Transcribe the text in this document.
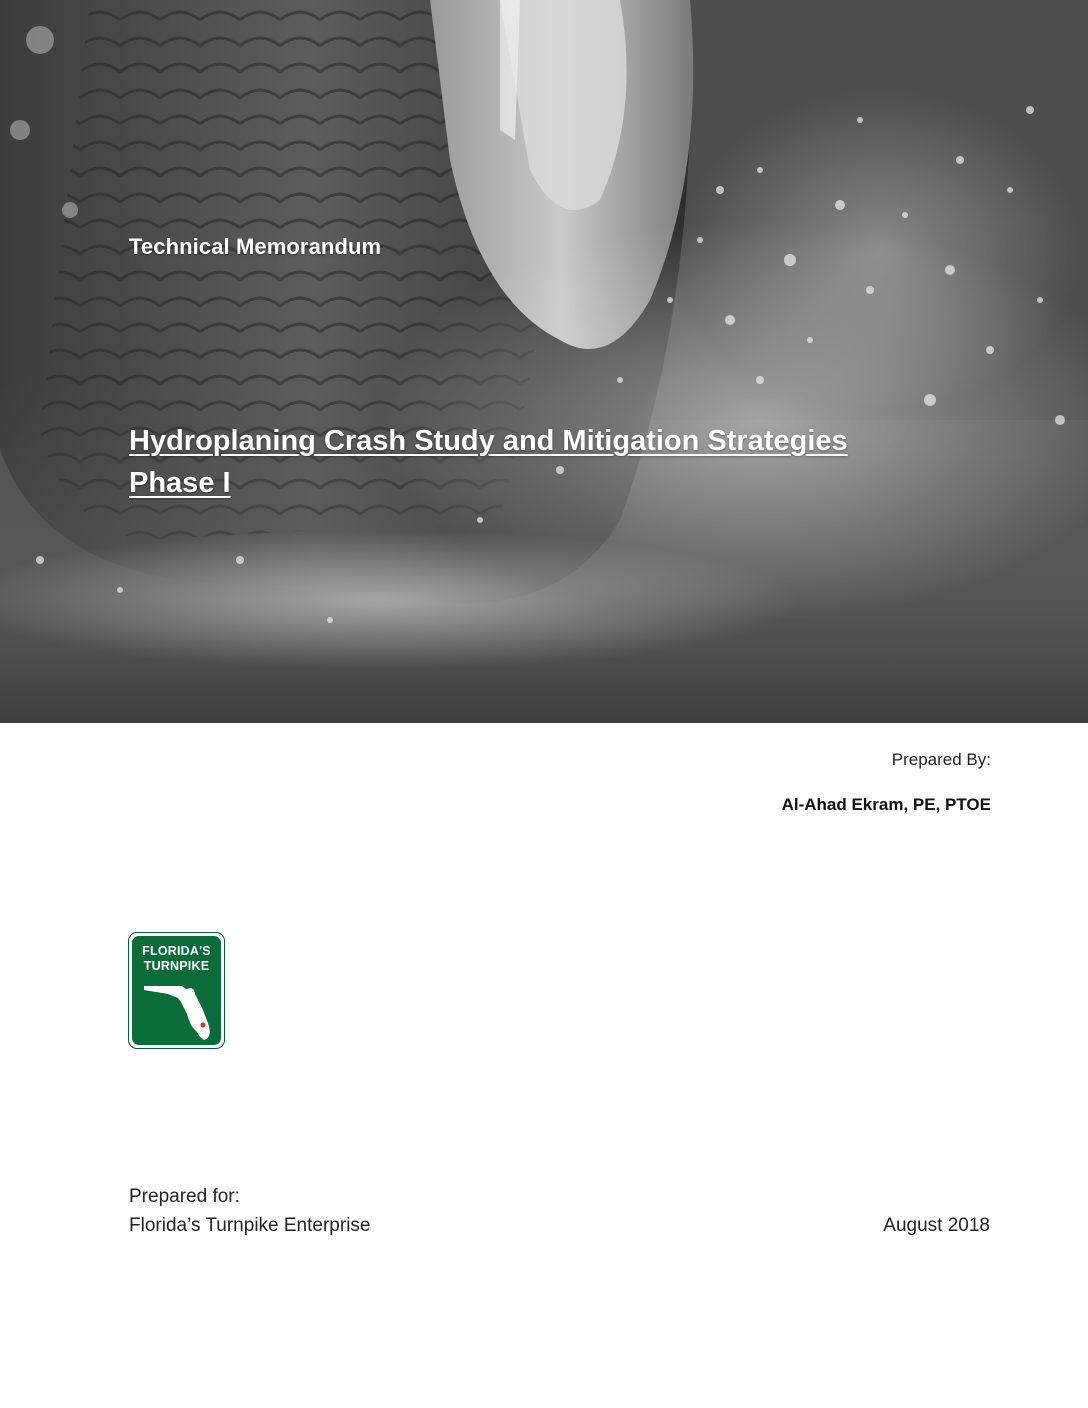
Technical Memorandum
Hydroplaning Crash Study and Mitigation Strategies
Phase I
Prepared By:
Al-Ahad Ekram, PE, PTOE
FLORIDA'S
TURNPIKE
Prepared for:
Florida’s Turnpike Enterprise	August 2018
